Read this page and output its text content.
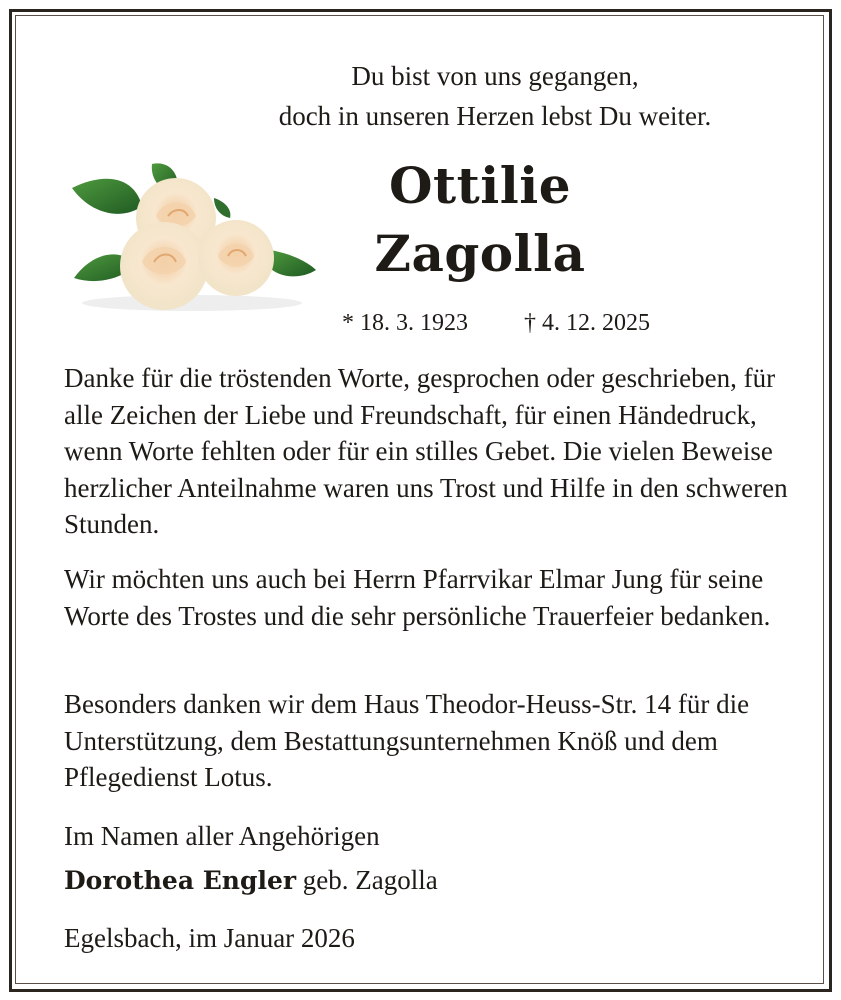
Du bist von uns gegangen,
doch in unseren Herzen lebst Du weiter.
Ottilie
Zagolla
* 18. 3. 1923 † 4. 12. 2025
Danke für die tröstenden Worte, gesprochen oder geschrieben, für alle Zeichen der Liebe und Freundschaft, für einen Händedruck, wenn Worte fehlten oder für ein stilles Gebet. Die vielen Beweise herzlicher Anteilnahme waren uns Trost und Hilfe in den schweren Stunden.
Wir möchten uns auch bei Herrn Pfarrvikar Elmar Jung für seine Worte des Trostes und die sehr persönliche Trauerfeier bedanken.
Besonders danken wir dem Haus Theodor-Heuss-Str. 14 für die Unterstützung, dem Bestattungsunternehmen Knöß und dem Pflegedienst Lotus.
Im Namen aller Angehörigen
Dorothea Engler geb. Zagolla
Egelsbach, im Januar 2026
